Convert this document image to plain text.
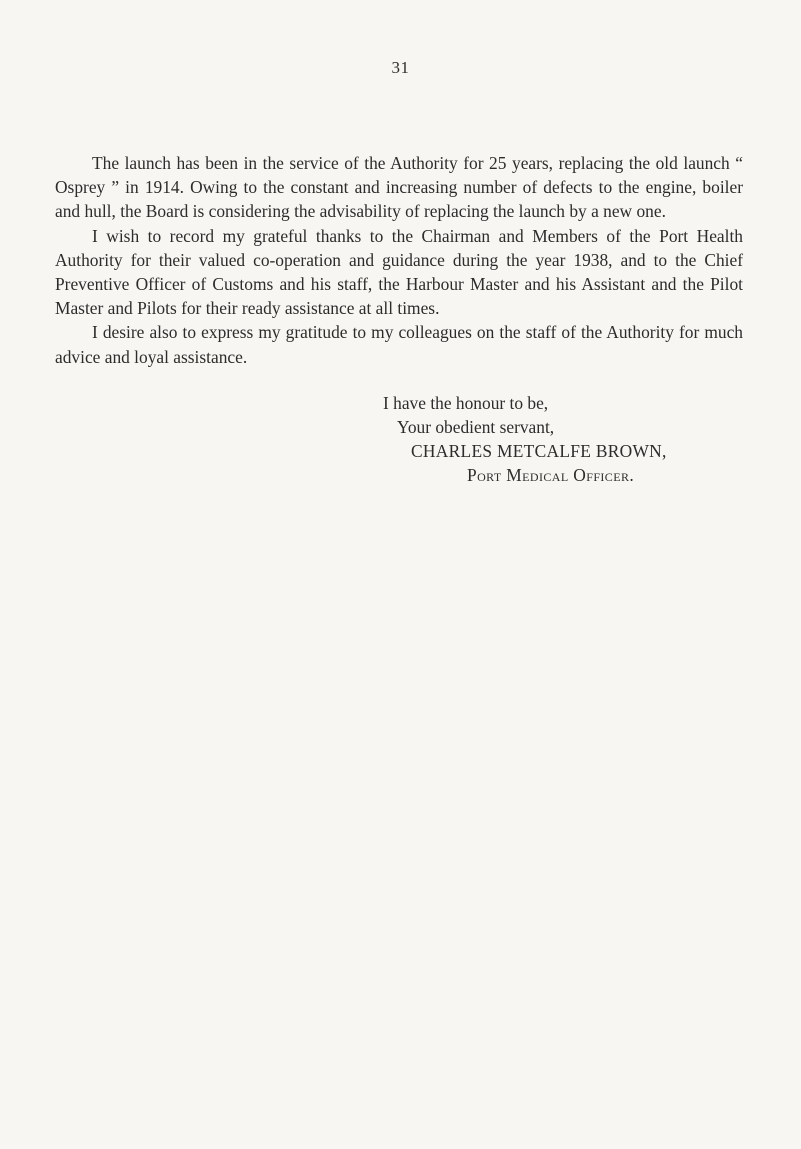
31

The launch has been in the service of the Authority for 25 years, replacing the old launch “ Osprey ” in 1914. Owing to the constant and increasing number of defects to the engine, boiler and hull, the Board is considering the advisability of replacing the launch by a new one.

I wish to record my grateful thanks to the Chairman and Members of the Port Health Authority for their valued co-operation and guidance during the year 1938, and to the Chief Preventive Officer of Customs and his staff, the Harbour Master and his Assistant and the Pilot Master and Pilots for their ready assistance at all times.

I desire also to express my gratitude to my colleagues on the staff of the Authority for much advice and loyal assistance.

I have the honour to be,
Your obedient servant,
CHARLES METCALFE BROWN,
Port Medical Officer.
